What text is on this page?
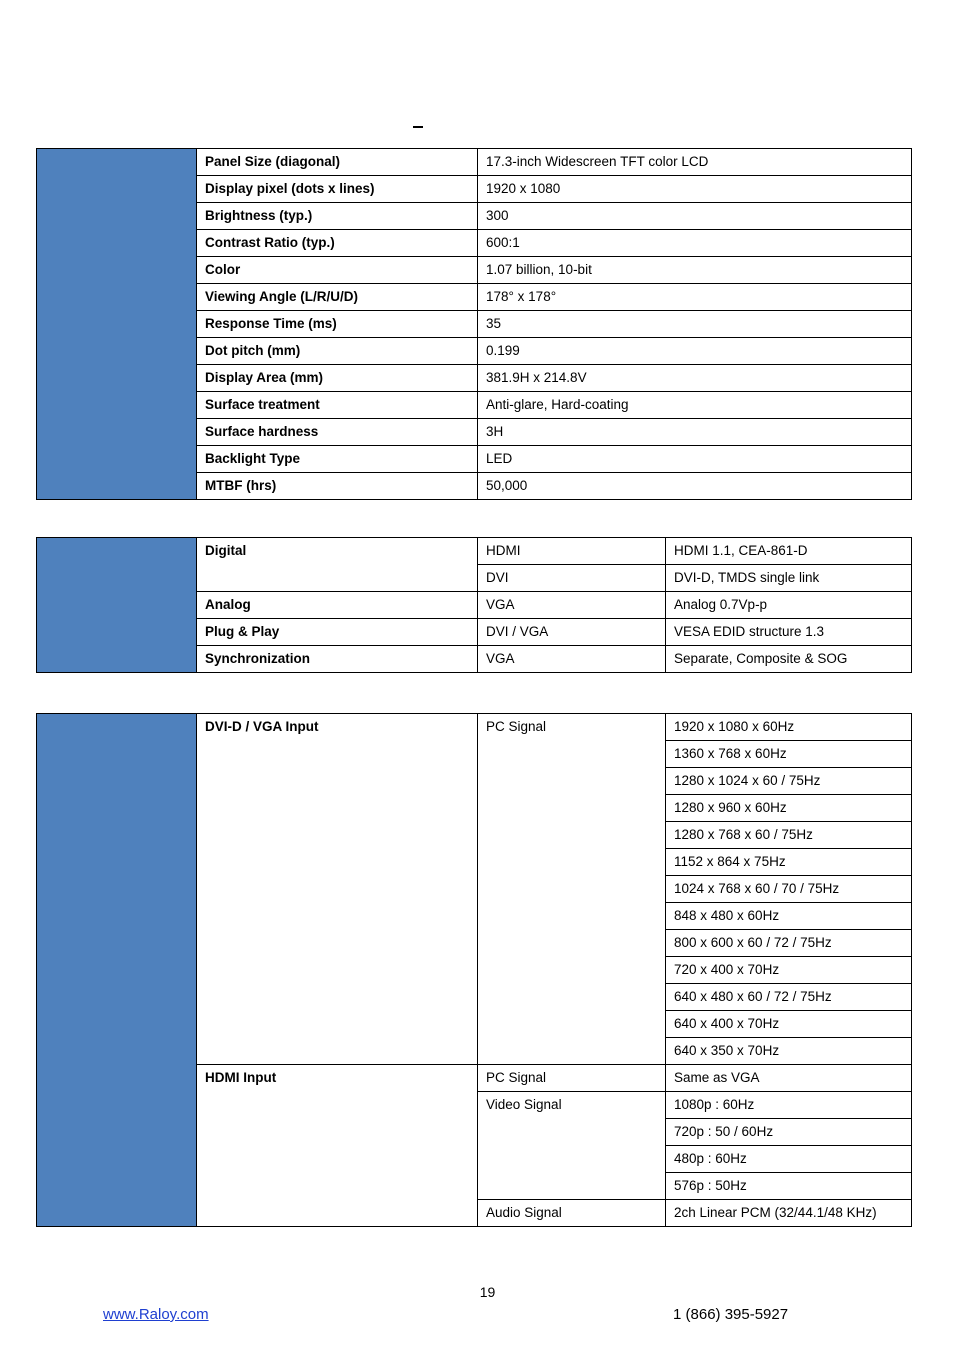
	Panel Size (diagonal)	17.3-inch Widescreen TFT color LCD
	Display pixel (dots x lines)	1920 x 1080
	Brightness (typ.)	300
	Contrast Ratio (typ.)	600:1
	Color	1.07 billion, 10-bit
	Viewing Angle (L/R/U/D)	178° x 178°
	Response Time (ms)	35
	Dot pitch (mm)	0.199
	Display Area (mm)	381.9H x 214.8V
	Surface treatment	Anti-glare, Hard-coating
	Surface hardness	3H
	Backlight Type	LED
	MTBF (hrs)	50,000
	Digital	HDMI	HDMI 1.1, CEA-861-D
		DVI	DVI-D, TMDS single link
	Analog	VGA	Analog 0.7Vp-p
	Plug & Play	DVI / VGA	VESA EDID structure 1.3
	Synchronization	VGA	Separate, Composite & SOG
	DVI-D / VGA Input	PC Signal	1920 x 1080 x 60Hz
			1360 x 768 x 60Hz
			1280 x 1024 x 60 / 75Hz
			1280 x 960 x 60Hz
			1280 x 768 x 60 / 75Hz
			1152 x 864 x 75Hz
			1024 x 768 x 60 / 70 / 75Hz
			848 x 480 x 60Hz
			800 x 600 x 60 / 72 / 75Hz
			720 x 400 x 70Hz
			640 x 480 x 60 / 72 / 75Hz
			640 x 400 x 70Hz
			640 x 350 x 70Hz
	HDMI Input	PC Signal	Same as VGA
		Video Signal	1080p : 60Hz
			720p : 50 / 60Hz
			480p : 60Hz
			576p : 50Hz
		Audio Signal	2ch Linear PCM (32/44.1/48 KHz)
19
www.Raloy.com	1 (866) 395-5927
